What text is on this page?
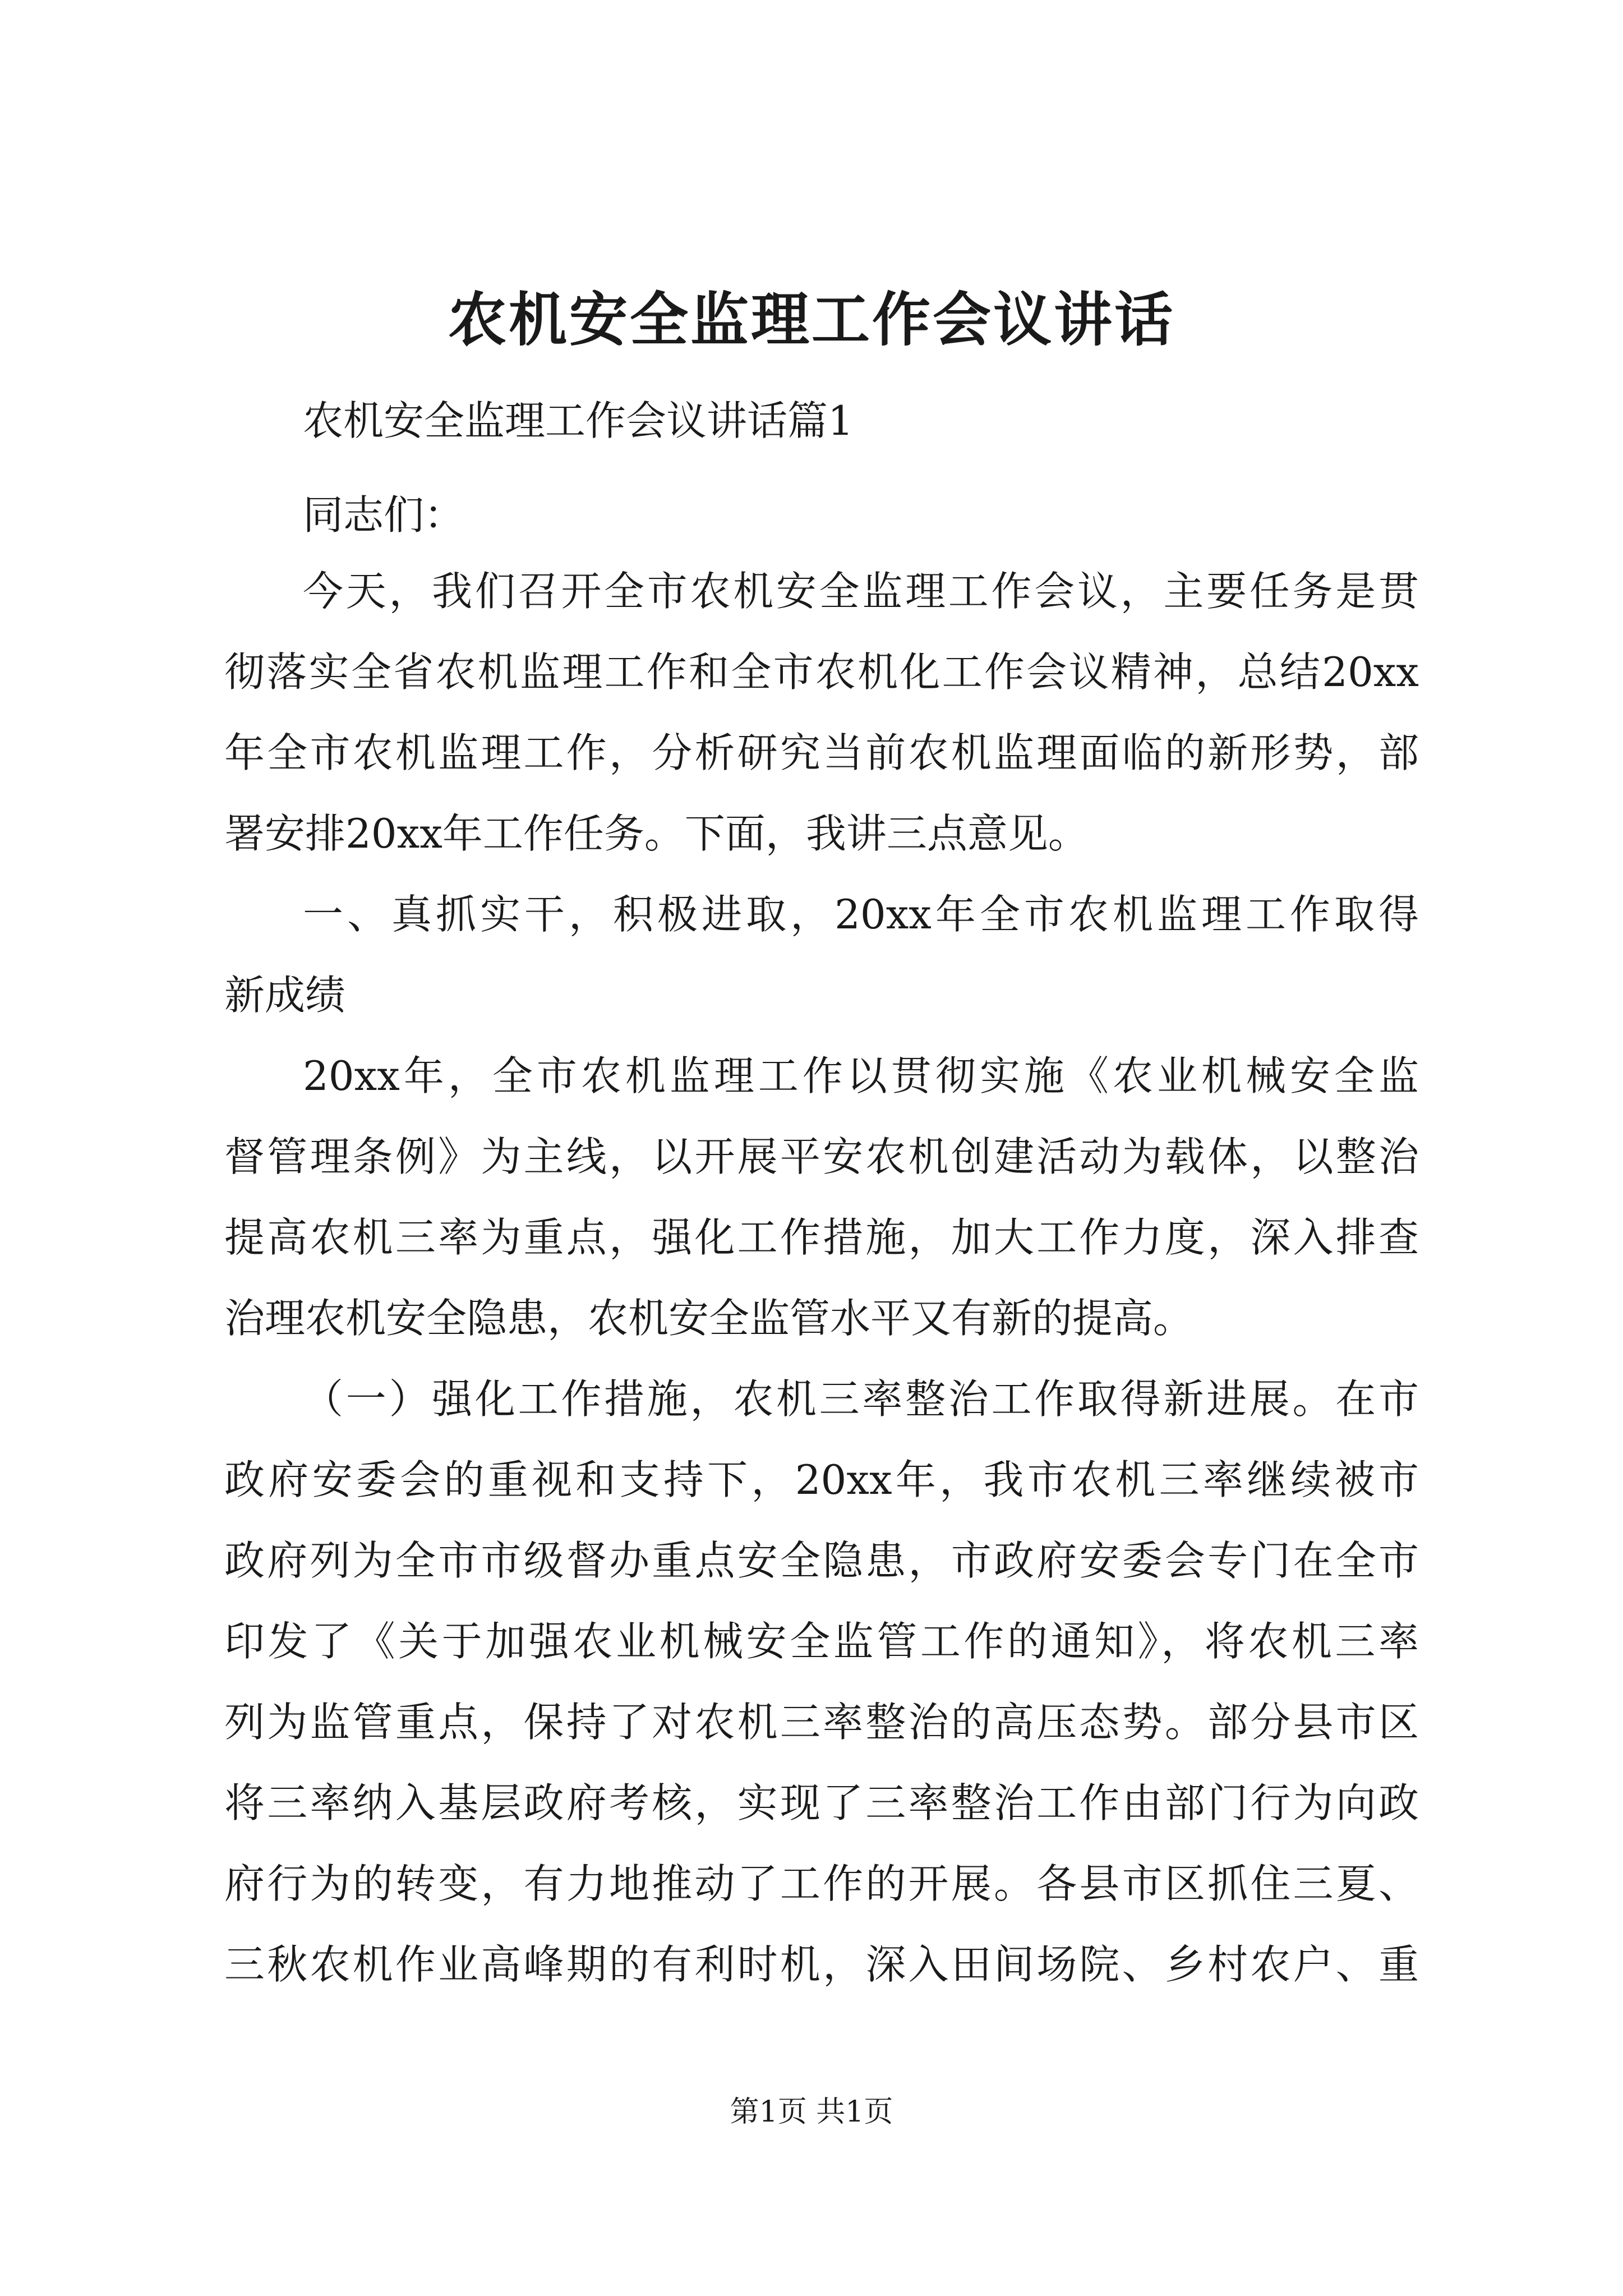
农机安全监理工作会议讲话
农机安全监理工作会议讲话篇1
同志们：
今天，我们召开全市农机安全监理工作会议，主要任务是贯
彻落实全省农机监理工作和全市农机化工作会议精神，总结20xx
年全市农机监理工作，分析研究当前农机监理面临的新形势，部
署安排20xx年工作任务。下面，我讲三点意见。
一、真抓实干，积极进取，20xx年全市农机监理工作取得
新成绩
20xx年，全市农机监理工作以贯彻实施《农业机械安全监
督管理条例》为主线，以开展平安农机创建活动为载体，以整治
提高农机三率为重点，强化工作措施，加大工作力度，深入排查
治理农机安全隐患，农机安全监管水平又有新的提高。
（一）强化工作措施，农机三率整治工作取得新进展。在市
政府安委会的重视和支持下，20xx年，我市农机三率继续被市
政府列为全市市级督办重点安全隐患，市政府安委会专门在全市
印发了《关于加强农业机械安全监管工作的通知》，将农机三率
列为监管重点，保持了对农机三率整治的高压态势。部分县市区
将三率纳入基层政府考核，实现了三率整治工作由部门行为向政
府行为的转变，有力地推动了工作的开展。各县市区抓住三夏、
三秋农机作业高峰期的有利时机，深入田间场院、乡村农户、重
第1页 共1页
